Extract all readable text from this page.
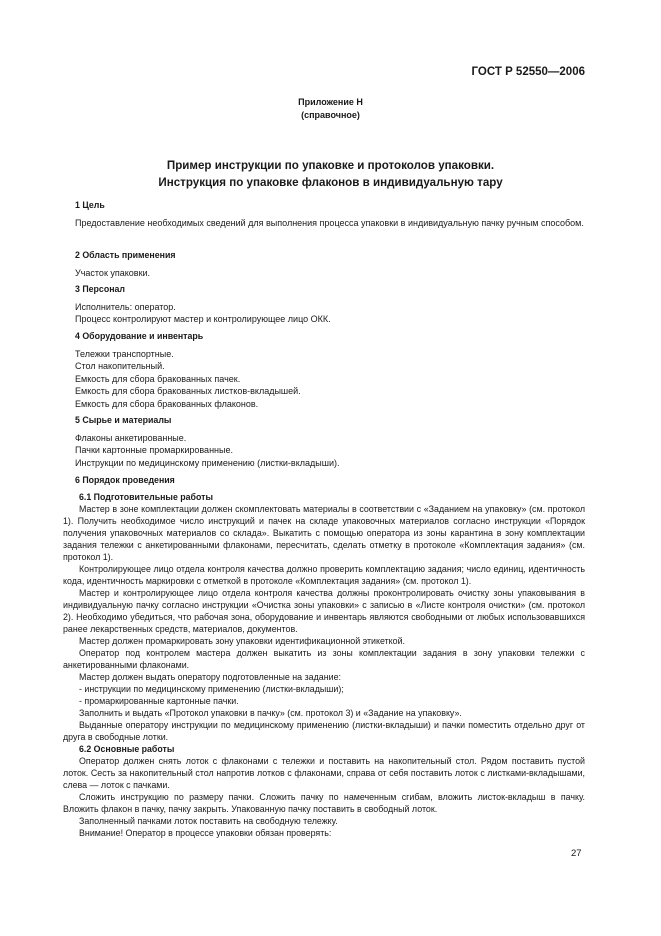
ГОСТ Р 52550—2006
Приложение Н
(справочное)
Пример инструкции по упаковке и протоколов упаковки.
Инструкция по упаковке флаконов в индивидуальную тару
1 Цель

Предоставление необходимых сведений для выполнения процесса упаковки в индивидуальную пачку ручным способом.

2 Область применения

Участок упаковки.

3 Персонал

Исполнитель: оператор.

Процесс контролируют мастер и контролирующее лицо ОКК.

4 Оборудование и инвентарь

Тележки транспортные.

Стол накопительный.

Емкость для сбора бракованных пачек.

Емкость для сбора бракованных листков-вкладышей.

Емкость для сбора бракованных флаконов.

5 Сырье и материалы

Флаконы анкетированные.

Пачки картонные промаркированные.

Инструкции по медицинскому применению (листки-вкладыши).

6 Порядок проведения
6.1 Подготовительные работы

Мастер в зоне комплектации должен скомплектовать материалы в соответствии с «Заданием на упаковку» (см. протокол 1). Получить необходимое число инструкций и пачек на складе упаковочных материалов согласно инструкции «Порядок получения упаковочных материалов со склада». Выкатить с помощью оператора из зоны карантина в зону комплектации задания тележки с анкетированными флаконами, пересчитать, сделать отметку в протоколе «Комплектация задания» (см. протокол 1).

Контролирующее лицо отдела контроля качества должно проверить комплектацию задания; число единиц, идентичность кода, идентичность маркировки с отметкой в протоколе «Комплектация задания» (см. протокол 1).

Мастер и контролирующее лицо отдела контроля качества должны проконтролировать очистку зоны упаковывания в индивидуальную пачку согласно инструкции «Очистка зоны упаковки» с записью в «Листе контроля очистки» (см. протокол 2). Необходимо убедиться, что рабочая зона, оборудование и инвентарь являются свободными от любых использовавшихся ранее лекарственных средств, материалов, документов.

Мастер должен промаркировать зону упаковки идентификационной этикеткой.

Оператор под контролем мастера должен выкатить из зоны комплектации задания в зону упаковки тележки с анкетированными флаконами.

Мастер должен выдать оператору подготовленные на задание:

- инструкции по медицинскому применению (листки-вкладыши);

- промаркированные картонные пачки.

Заполнить и выдать «Протокол упаковки в пачку» (см. протокол 3) и «Задание на упаковку».

Выданные оператору инструкции по медицинскому применению (листки-вкладыши) и пачки поместить отдельно друг от друга в свободные лотки.

6.2 Основные работы

Оператор должен снять лоток с флаконами с тележки и поставить на накопительный стол. Рядом поставить пустой лоток. Сесть за накопительный стол напротив лотков с флаконами, справа от себя поставить лоток с листками-вкладышами, слева — лоток с пачками.

Сложить инструкцию по размеру пачки. Сложить пачку по намеченным сгибам, вложить листок-вкладыш в пачку. Вложить флакон в пачку, пачку закрыть. Упакованную пачку поставить в свободный лоток.

Заполненный пачками лоток поставить на свободную тележку.

Внимание! Оператор в процессе упаковки обязан проверять:

27
